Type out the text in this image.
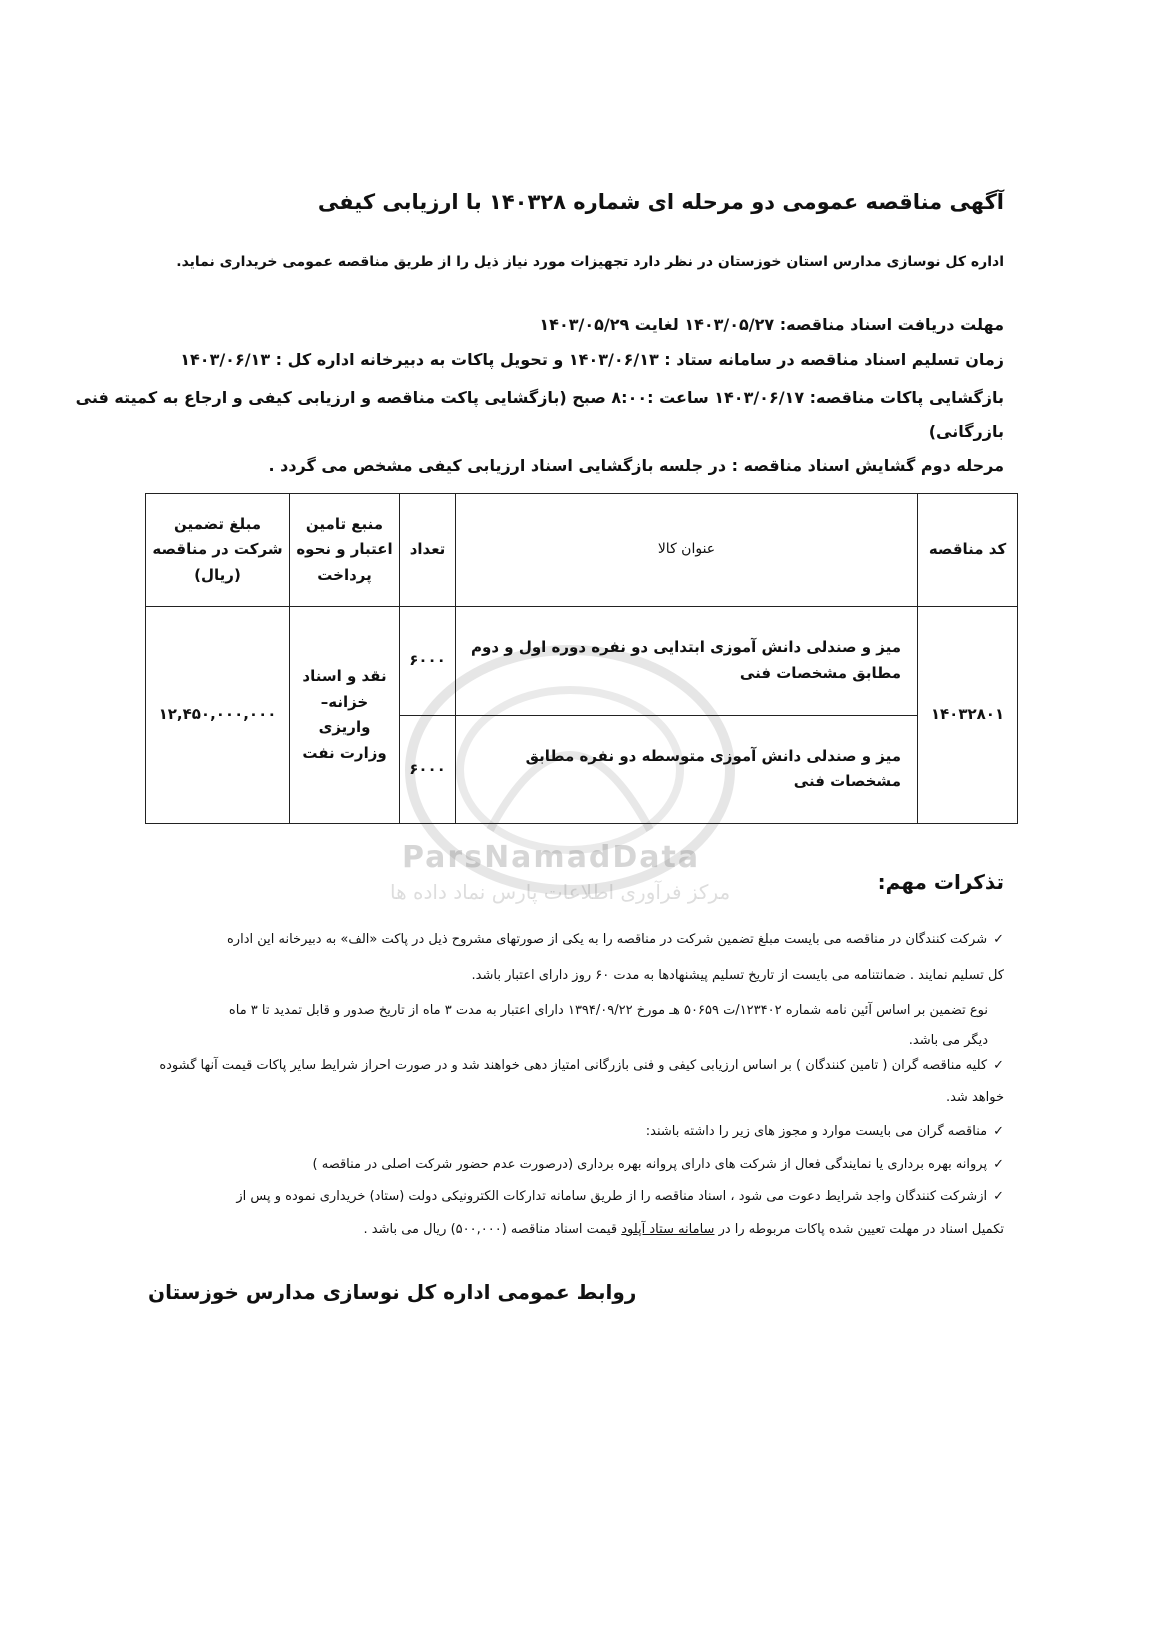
آگهی مناقصه عمومی دو مرحله ای شماره ۱۴۰۳۲۸ با ارزیابی کیفی
اداره کل نوسازی مدارس استان خوزستان در نظر دارد تجهیزات مورد نیاز ذیل را از طریق مناقصه عمومی خریداری نماید.
مهلت دریافت اسناد مناقصه: ۱۴۰۳/۰۵/۲۷ لغایت ۱۴۰۳/۰۵/۲۹
زمان تسلیم اسناد مناقصه در سامانه ستاد : ۱۴۰۳/۰۶/۱۳ و تحویل پاکات به دبیرخانه اداره کل : ۱۴۰۳/۰۶/۱۳
بازگشایی پاکات مناقصه: ۱۴۰۳/۰۶/۱۷ ساعت :۸:۰۰ صبح (بازگشایی پاکت مناقصه و ارزیابی کیفی و ارجاع به کمیته فنی
بازرگانی)
مرحله دوم گشایش اسناد مناقصه : در جلسه بازگشایی اسناد ارزیابی کیفی مشخص می گردد .
ParsNamadData
مرکز فرآوری اطلاعات پارس نماد داده ها
کد مناقصه	عنوان کالا	تعداد	منبع تامین اعتبار و نحوه پرداخت	مبلغ تضمین شرکت در مناقصه (ریال)
۱۴۰۳۲۸۰۱	میز و صندلی دانش آموزی ابتدایی دو نفره دوره اول و دوم مطابق مشخصات فنی	۶۰۰۰	نقد و اسناد خزانه– واریزی وزارت نفت	۱۲,۴۵۰,۰۰۰,۰۰۰
	میز و صندلی دانش آموزی متوسطه دو نفره مطابق مشخصات فنی	۶۰۰۰		
تذکرات مهم:
✓شرکت کنندگان در مناقصه می بایست مبلغ تضمین شرکت در مناقصه را به یکی از صورتهای مشروح ذیل در پاکت «الف» به دبیرخانه این اداره
کل تسلیم نمایند . ضمانتنامه می بایست از تاریخ تسلیم پیشنهادها به مدت ۶۰ روز دارای اعتبار باشد.
نوع تضمین بر اساس آئین نامه شماره ۱۲۳۴۰۲/ت ۵۰۶۵۹ هـ مورخ ۱۳۹۴/۰۹/۲۲ دارای اعتبار به مدت ۳ ماه از تاریخ صدور و قابل تمدید تا ۳ ماه
دیگر می باشد.
✓کلیه مناقصه گران ( تامین کنندگان ) بر اساس ارزیابی کیفی و فنی بازرگانی امتیاز دهی خواهند شد و در صورت احراز شرایط سایر پاکات قیمت آنها گشوده
خواهد شد.
✓مناقصه گران می بایست موارد و مجوز های زیر را داشته باشند:
✓پروانه بهره برداری یا نمایندگی فعال از شرکت های دارای پروانه بهره برداری (درصورت عدم حضور شرکت اصلی در مناقصه )
✓ازشرکت کنندگان واجد شرایط دعوت می شود ، اسناد مناقصه را از طریق سامانه تدارکات الکترونیکی دولت (ستاد) خریداری نموده و پس از
تکمیل اسناد در مهلت تعیین شده پاکات مربوطه را در سامانه ستاد آپلود قیمت اسناد مناقصه (۵۰۰,۰۰۰) ریال می باشد .
روابط عمومی اداره کل نوسازی مدارس خوزستان
